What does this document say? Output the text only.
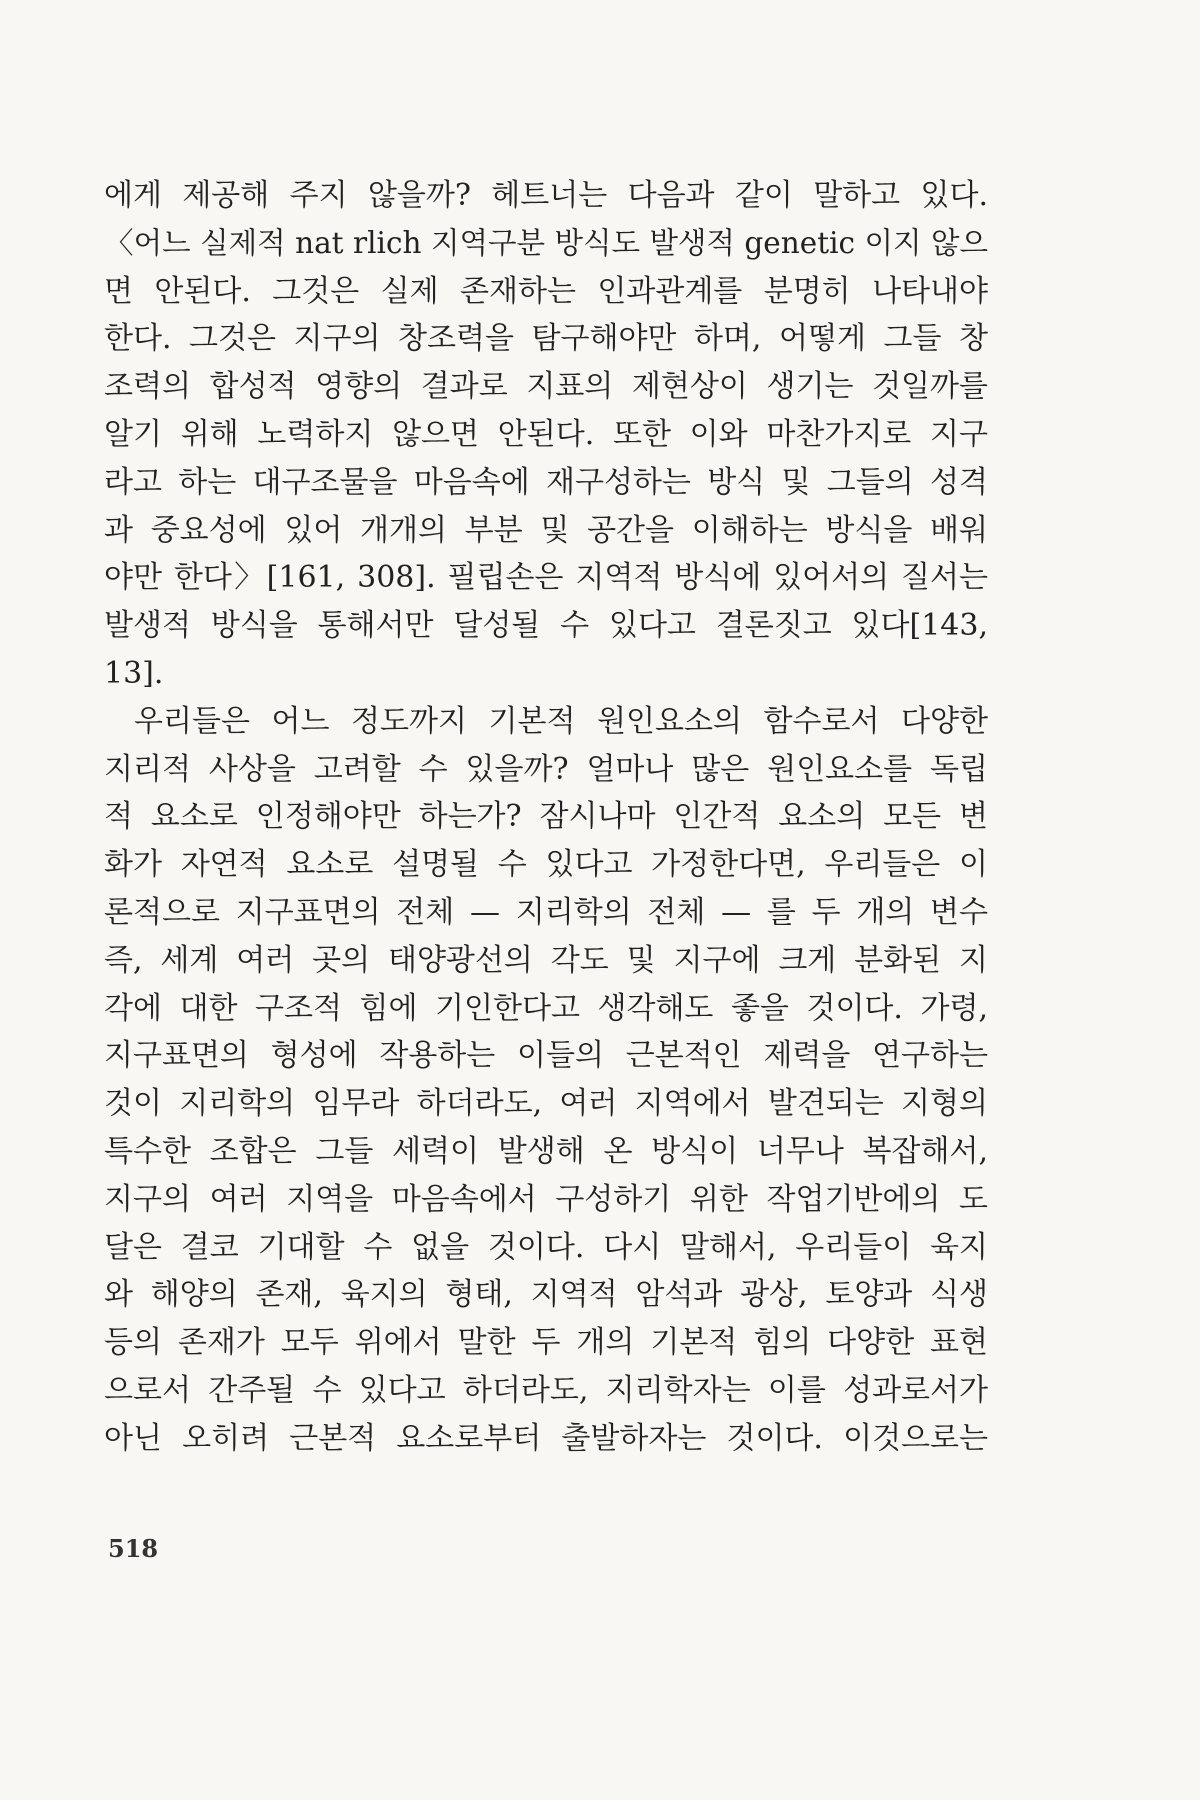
에게 제공해 주지 않을까? 헤트너는 다음과 같이 말하고 있다.
〈어느 실제적 nat rlich 지역구분 방식도 발생적 genetic 이지 않으
면 안된다. 그것은 실제 존재하는 인과관계를 분명히 나타내야
한다. 그것은 지구의 창조력을 탐구해야만 하며, 어떻게 그들 창
조력의 합성적 영향의 결과로 지표의 제현상이 생기는 것일까를
알기 위해 노력하지 않으면 안된다. 또한 이와 마찬가지로 지구
라고 하는 대구조물을 마음속에 재구성하는 방식 및 그들의 성격
과 중요성에 있어 개개의 부분 및 공간을 이해하는 방식을 배워
야만 한다〉[161, 308]. 필립손은 지역적 방식에 있어서의 질서는
발생적 방식을 통해서만 달성될 수 있다고 결론짓고 있다[143,
13].
우리들은 어느 정도까지 기본적 원인요소의 함수로서 다양한
지리적 사상을 고려할 수 있을까? 얼마나 많은 원인요소를 독립
적 요소로 인정해야만 하는가? 잠시나마 인간적 요소의 모든 변
화가 자연적 요소로 설명될 수 있다고 가정한다면, 우리들은 이
론적으로 지구표면의 전체 — 지리학의 전체 — 를 두 개의 변수
즉, 세계 여러 곳의 태양광선의 각도 및 지구에 크게 분화된 지
각에 대한 구조적 힘에 기인한다고 생각해도 좋을 것이다. 가령,
지구표면의 형성에 작용하는 이들의 근본적인 제력을 연구하는
것이 지리학의 임무라 하더라도, 여러 지역에서 발견되는 지형의
특수한 조합은 그들 세력이 발생해 온 방식이 너무나 복잡해서,
지구의 여러 지역을 마음속에서 구성하기 위한 작업기반에의 도
달은 결코 기대할 수 없을 것이다. 다시 말해서, 우리들이 육지
와 해양의 존재, 육지의 형태, 지역적 암석과 광상, 토양과 식생
등의 존재가 모두 위에서 말한 두 개의 기본적 힘의 다양한 표현
으로서 간주될 수 있다고 하더라도, 지리학자는 이를 성과로서가
아닌 오히려 근본적 요소로부터 출발하자는 것이다. 이것으로는
518
